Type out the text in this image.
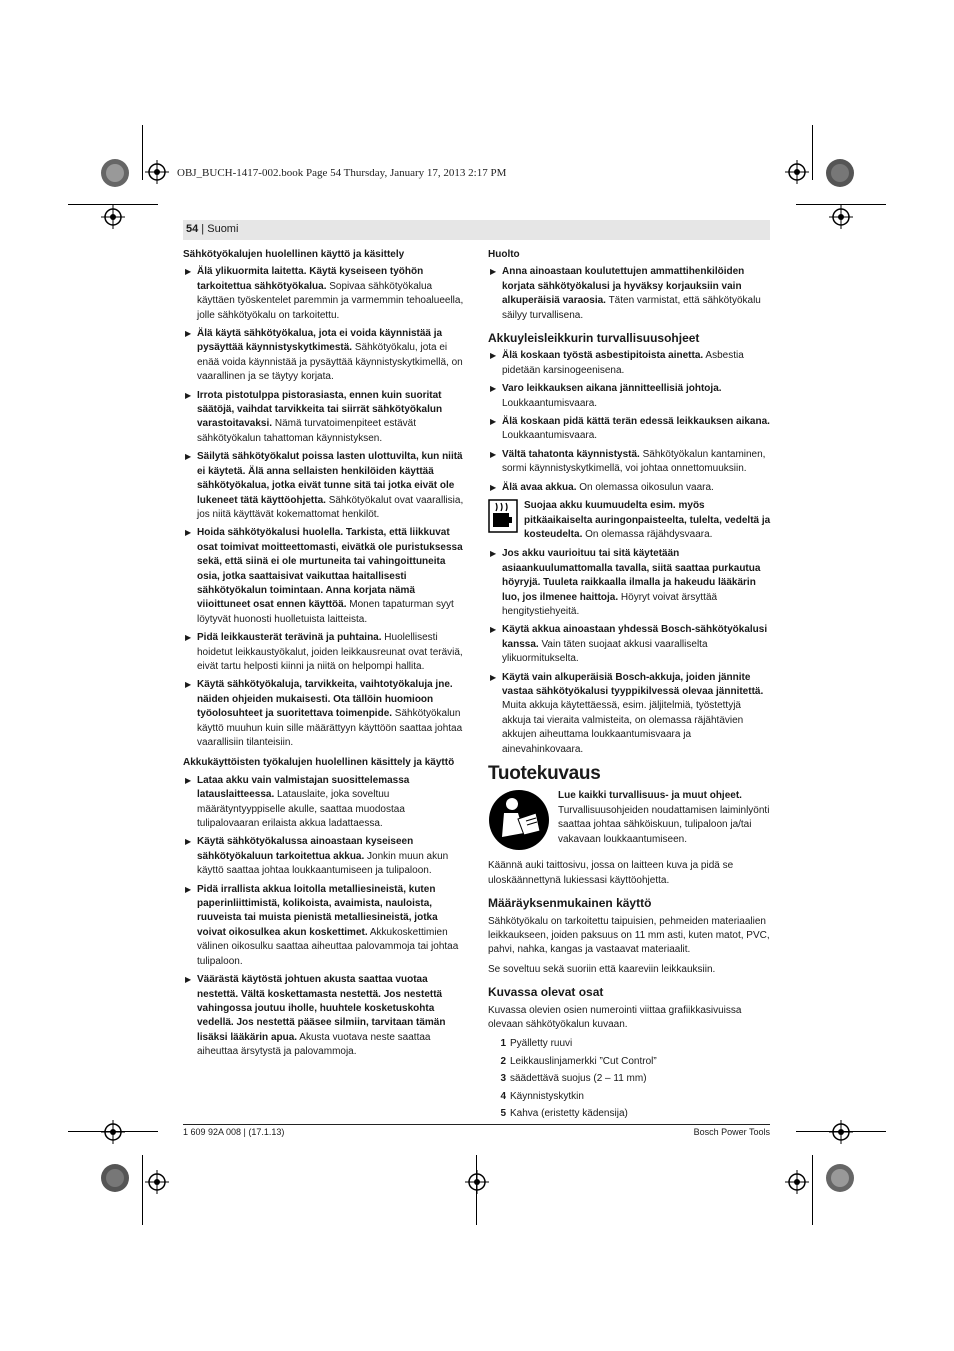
OBJ_BUCH-1417-002.book Page 54 Thursday, January 17, 2013 2:17 PM
54 | Suomi
Sähkötyökalujen huolellinen käyttö ja käsittely
▶ Älä ylikuormita laitetta. Käytä kyseiseen työhön tarkoitettua sähkötyökalua. Sopivaa sähkötyökalua käyttäen työskentelet paremmin ja varmemmin tehoalueella, jolle sähkötyökalu on tarkoitettu.
▶ Älä käytä sähkötyökalua, jota ei voida käynnistää ja pysäyttää käynnistyskytkimestä. Sähkötyökalu, jota ei enää voida käynnistää ja pysäyttää käynnistyskytkimellä, on vaarallinen ja se täytyy korjata.
▶ Irrota pistotulppa pistorasiasta, ennen kuin suoritat säätöjä, vaihdat tarvikkeita tai siirrät sähkötyökalun varastoitavaksi. Nämä turvatoimenpiteet estävät sähkötyökalun tahattoman käynnistyksen.
▶ Säilytä sähkötyökalut poissa lasten ulottuvilta, kun niitä ei käytetä. Älä anna sellaisten henkilöiden käyttää sähkötyökalua, jotka eivät tunne sitä tai jotka eivät ole lukeneet tätä käyttöohjetta. Sähkötyökalut ovat vaarallisia, jos niitä käyttävät kokemattomat henkilöt.
▶ Hoida sähkötyökalusi huolella. Tarkista, että liikkuvat osat toimivat moitteettomasti, eivätkä ole puristuksessa sekä, että siinä ei ole murtuneita tai vahingoittuneita osia, jotka saattaisivat vaikuttaa haitallisesti sähkötyökalun toimintaan. Anna korjata nämä viioittuneet osat ennen käyttöä. Monen tapaturman syyt löytyvät huonosti huolletuista laitteista.
▶ Pidä leikkausterät terävinä ja puhtaina. Huolellisesti hoidetut leikkaustyökalut, joiden leikkausreunat ovat teräviä, eivät tartu helposti kiinni ja niitä on helpompi hallita.
▶ Käytä sähkötyökaluja, tarvikkeita, vaihtotyökaluja jne. näiden ohjeiden mukaisesti. Ota tällöin huomioon työolosuhteet ja suoritettava toimenpide. Sähkötyökalun käyttö muuhun kuin sille määrättyyn käyttöön saattaa johtaa vaarallisiin tilanteisiin.
Akkukäyttöisten työkalujen huolellinen käsittely ja käyttö
▶ Lataa akku vain valmistajan suosittelemassa latauslaitteessa. Latauslaite, joka soveltuu määrätyntyyppiselle akulle, saattaa muodostaa tulipalovaaran erilaista akkua ladattaessa.
▶ Käytä sähkötyökalussa ainoastaan kyseiseen sähkötyökaluun tarkoitettua akkua. Jonkin muun akun käyttö saattaa johtaa loukkaantumiseen ja tulipaloon.
▶ Pidä irrallista akkua loitolla metalliesineistä, kuten paperinliittimistä, kolikoista, avaimista, nauloista, ruuveista tai muista pienistä metalliesineistä, jotka voivat oikosulkea akun koskettimet. Akkukoskettimien välinen oikosulku saattaa aiheuttaa palovammoja tai johtaa tulipaloon.
▶ Väärästä käytöstä johtuen akusta saattaa vuotaa nestettä. Vältä koskettamasta nestettä. Jos nestettä vahingossa joutuu iholle, huuhtele kosketuskohta vedellä. Jos nestettä pääsee silmiin, tarvitaan tämän lisäksi lääkärin apua. Akusta vuotava neste saattaa aiheuttaa ärsytystä ja palovammoja.
Huolto
▶ Anna ainoastaan koulutettujen ammattihenkilöiden korjata sähkötyökalusi ja hyväksy korjauksiin vain alkuperäisiä varaosia. Täten varmistat, että sähkötyökalu säilyy turvallisena.
Akkuyleisleikkurin turvallisuusohjeet
▶ Älä koskaan työstä asbestipitoista ainetta. Asbestia pidetään karsinogeenisena.
▶ Varo leikkauksen aikana jännitteellisiä johtoja. Loukkaantumisvaara.
▶ Älä koskaan pidä kättä terän edessä leikkauksen aikana. Loukkaantumisvaara.
▶ Vältä tahatonta käynnistystä. Sähkötyökalun kantaminen, sormi käynnistyskytkimellä, voi johtaa onnettomuuksiin.
▶ Älä avaa akkua. On olemassa oikosulun vaara.
Suojaa akku kuumuudelta esim. myös pitkäaikaiselta auringonpaisteelta, tulelta, vedeltä ja kosteudelta. On olemassa räjähdysvaara.
▶ Jos akku vaurioituu tai sitä käytetään asiaankuulumattomalla tavalla, siitä saattaa purkautua höyryjä. Tuuleta raikkaalla ilmalla ja hakeudu lääkärin luo, jos ilmenee haittoja. Höyryt voivat ärsyttää hengitystiehyeitä.
▶ Käytä akkua ainoastaan yhdessä Bosch-sähkötyökalusi kanssa. Vain täten suojaat akkusi vaaralliselta ylikuormitukselta.
▶ Käytä vain alkuperäisiä Bosch-akkuja, joiden jännite vastaa sähkötyökalusi tyyppikilvessä olevaa jännitettä. Muita akkuja käytettäessä, esim. jäljitelmiä, työstettyjä akkuja tai vieraita valmisteita, on olemassa räjähtävien akkujen aiheuttama loukkaantumisvaara ja ainevahinkovaara.
Tuotekuvaus
Lue kaikki turvallisuus- ja muut ohjeet. Turvallisuusohjeiden noudattamisen laiminlyönti saattaa johtaa sähköiskuun, tulipaloon ja/tai vakavaan loukkaantumiseen.
Käännä auki taittosivu, jossa on laitteen kuva ja pidä se uloskäännettynä lukiessasi käyttöohjetta.
Määräyksenmukainen käyttö
Sähkötyökalu on tarkoitettu taipuisien, pehmeiden materiaalien leikkaukseen, joiden paksuus on 11 mm asti, kuten matot, PVC, pahvi, nahka, kangas ja vastaavat materiaalit.
Se soveltuu sekä suoriin että kaareviin leikkauksiin.
Kuvassa olevat osat
Kuvassa olevien osien numerointi viittaa grafiikkasivuissa olevaan sähkötyökalun kuvaan.
1 Pyälletty ruuvi
2 Leikkauslinjamerkki ”Cut Control”
3 säädettävä suojus (2 – 11 mm)
4 Käynnistyskytkin
5 Kahva (eristetty kädensija)
1 609 92A 008 | (17.1.13)	Bosch Power Tools
